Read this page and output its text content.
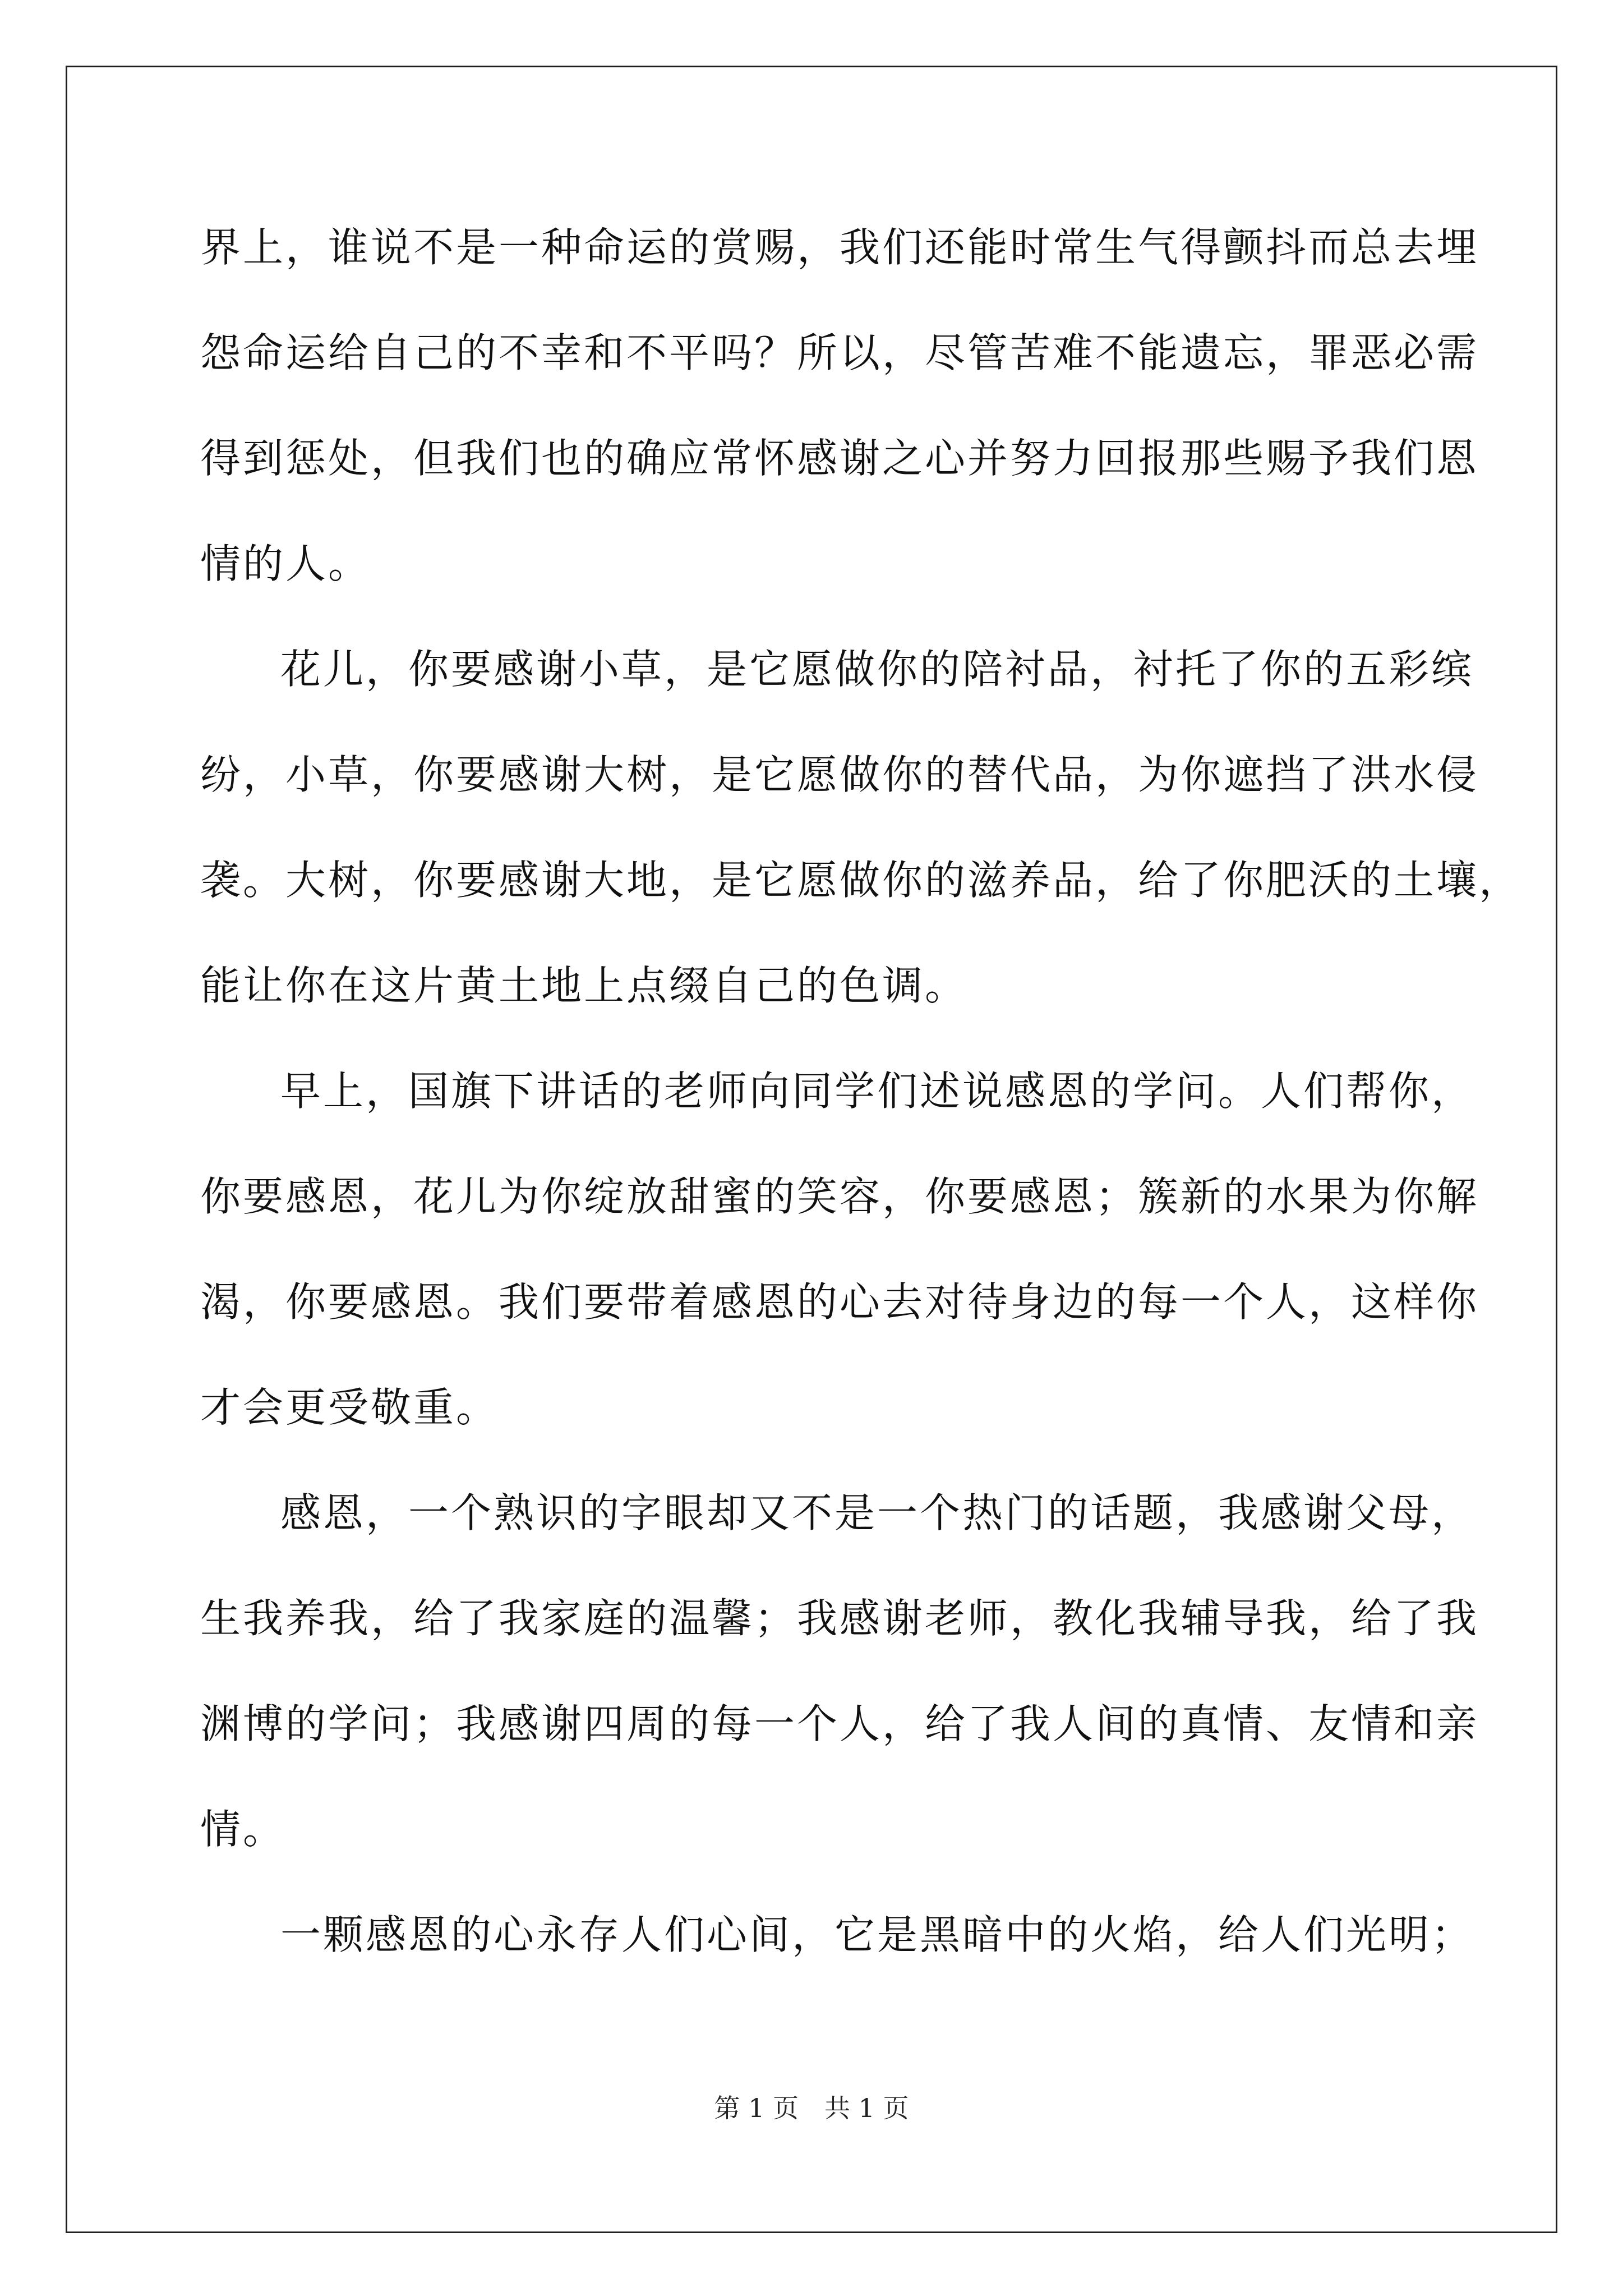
界上，谁说不是一种命运的赏赐，我们还能时常生气得颤抖而总去埋
怨命运给自己的不幸和不平吗？所以，尽管苦难不能遗忘，罪恶必需
得到惩处，但我们也的确应常怀感谢之心并努力回报那些赐予我们恩
情的人。
花儿，你要感谢小草，是它愿做你的陪衬品，衬托了你的五彩缤
纷，小草，你要感谢大树，是它愿做你的替代品，为你遮挡了洪水侵
袭。大树，你要感谢大地，是它愿做你的滋养品，给了你肥沃的土壤，
能让你在这片黄土地上点缀自己的色调。
早上，国旗下讲话的老师向同学们述说感恩的学问。人们帮你，
你要感恩，花儿为你绽放甜蜜的笑容，你要感恩；簇新的水果为你解
渴，你要感恩。我们要带着感恩的心去对待身边的每一个人，这样你
才会更受敬重。
感恩，一个熟识的字眼却又不是一个热门的话题，我感谢父母，
生我养我，给了我家庭的温馨；我感谢老师，教化我辅导我，给了我
渊博的学问；我感谢四周的每一个人，给了我人间的真情、友情和亲
情。
一颗感恩的心永存人们心间，它是黑暗中的火焰，给人们光明；
第 1 页　共 1 页
